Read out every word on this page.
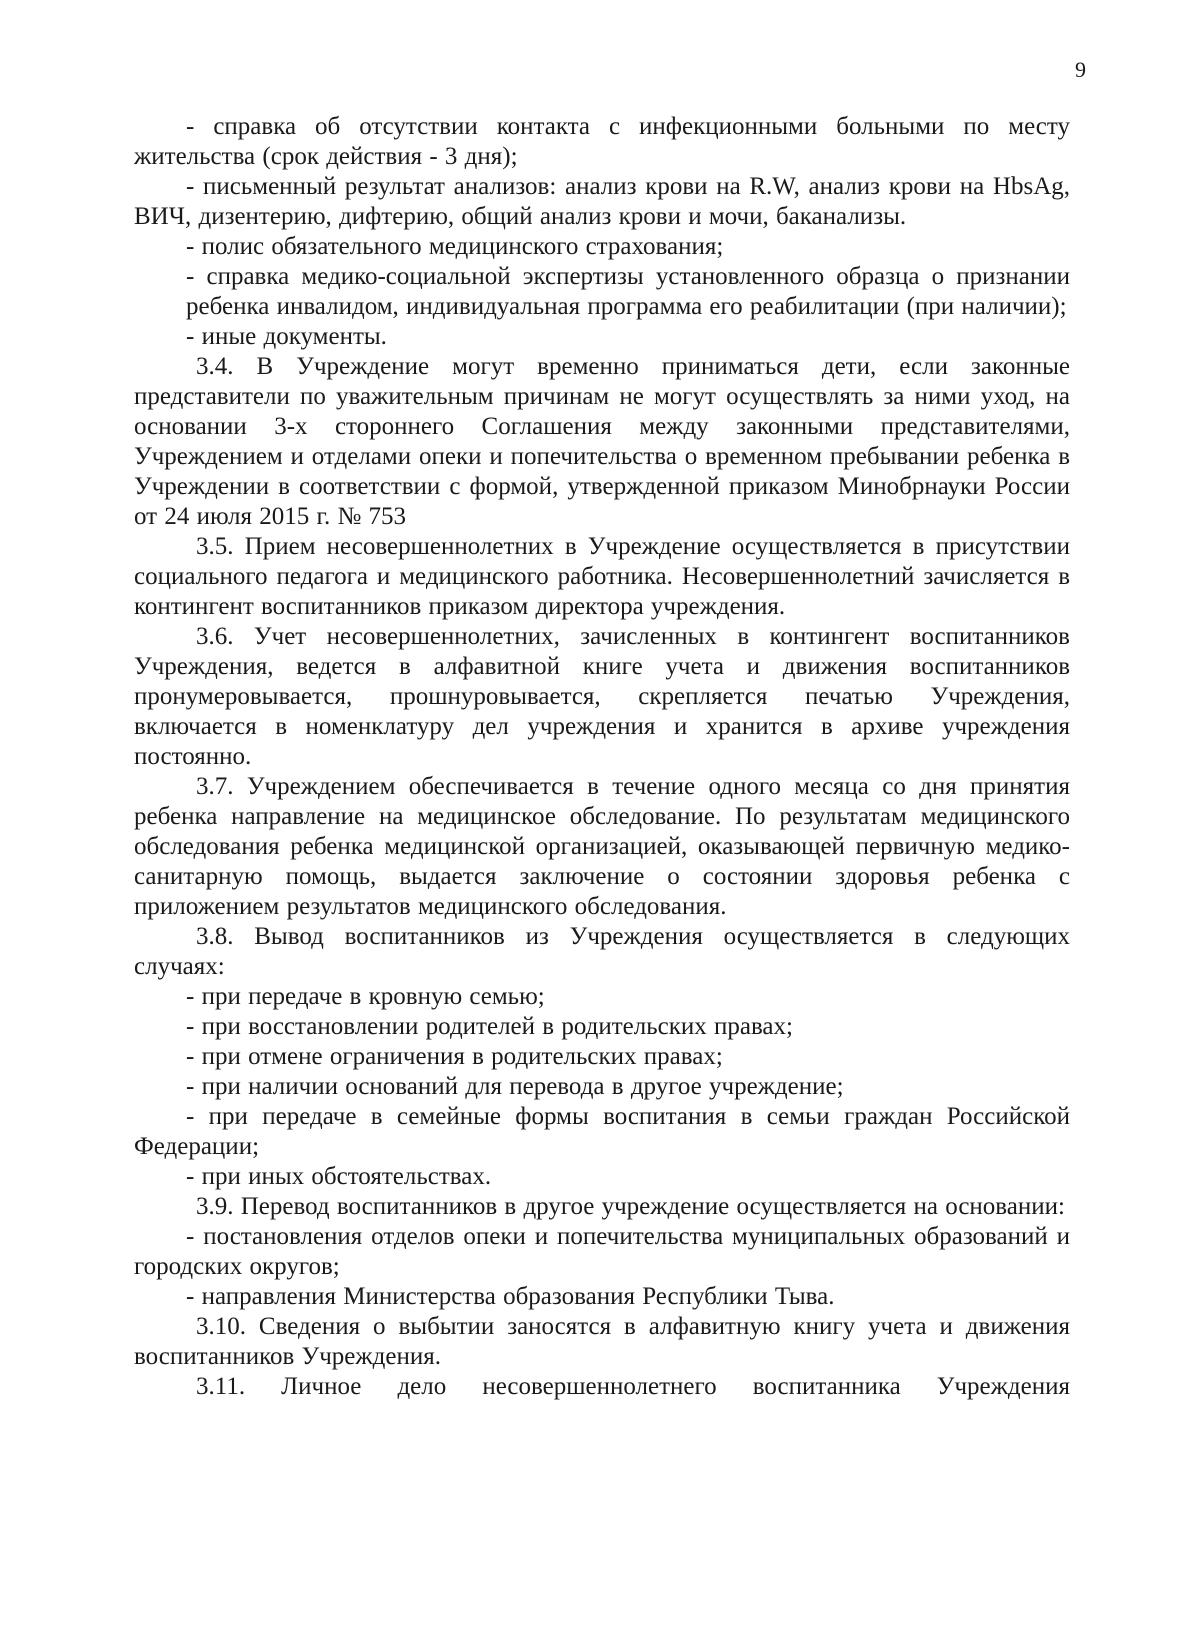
9

- справка об отсутствии контакта с инфекционными больными по месту жительства (срок действия - 3 дня);

- письменный результат анализов: анализ крови на R.W, анализ крови на HbsAg, ВИЧ, дизентерию, дифтерию, общий анализ крови и мочи, баканализы.

- полис обязательного медицинского страхования;

- справка медико-социальной экспертизы установленного образца о признании ребенка инвалидом, индивидуальная программа его реабилитации (при наличии);

- иные документы.

3.4. В Учреждение могут временно приниматься дети, если законные представители по уважительным причинам не могут осуществлять за ними уход, на основании 3-х стороннего Соглашения между законными представителями, Учреждением и отделами опеки и попечительства о временном пребывании ребенка в Учреждении в соответствии с формой, утвержденной приказом Минобрнауки России от 24 июля 2015 г. № 753

3.5. Прием несовершеннолетних в Учреждение осуществляется в присутствии социального педагога и медицинского работника. Несовершеннолетний зачисляется в контингент воспитанников приказом директора учреждения.

3.6. Учет несовершеннолетних, зачисленных в контингент воспитанников Учреждения, ведется в алфавитной книге учета и движения воспитанников пронумеровывается, прошнуровывается, скрепляется печатью Учреждения, включается в номенклатуру дел учреждения и хранится в архиве учреждения постоянно.

3.7. Учреждением обеспечивается в течение одного месяца со дня принятия ребенка направление на медицинское обследование. По результатам медицинского обследования ребенка медицинской организацией, оказывающей первичную медико-санитарную помощь, выдается заключение о состоянии здоровья ребенка с приложением результатов медицинского обследования.

3.8. Вывод воспитанников из Учреждения осуществляется в следующих случаях:

- при передаче в кровную семью;

- при восстановлении родителей в родительских правах;

- при отмене ограничения в родительских правах;

- при наличии оснований для перевода в другое учреждение;

- при передаче в семейные формы воспитания в семьи граждан Российской Федерации;

- при иных обстоятельствах.

3.9. Перевод воспитанников в другое учреждение осуществляется на основании:

- постановления отделов опеки и попечительства муниципальных образований и городских округов;

- направления Министерства образования Республики Тыва.

3.10. Сведения о выбытии заносятся в алфавитную книгу учета и движения воспитанников Учреждения.

3.11. Личное дело несовершеннолетнего воспитанника Учреждения
